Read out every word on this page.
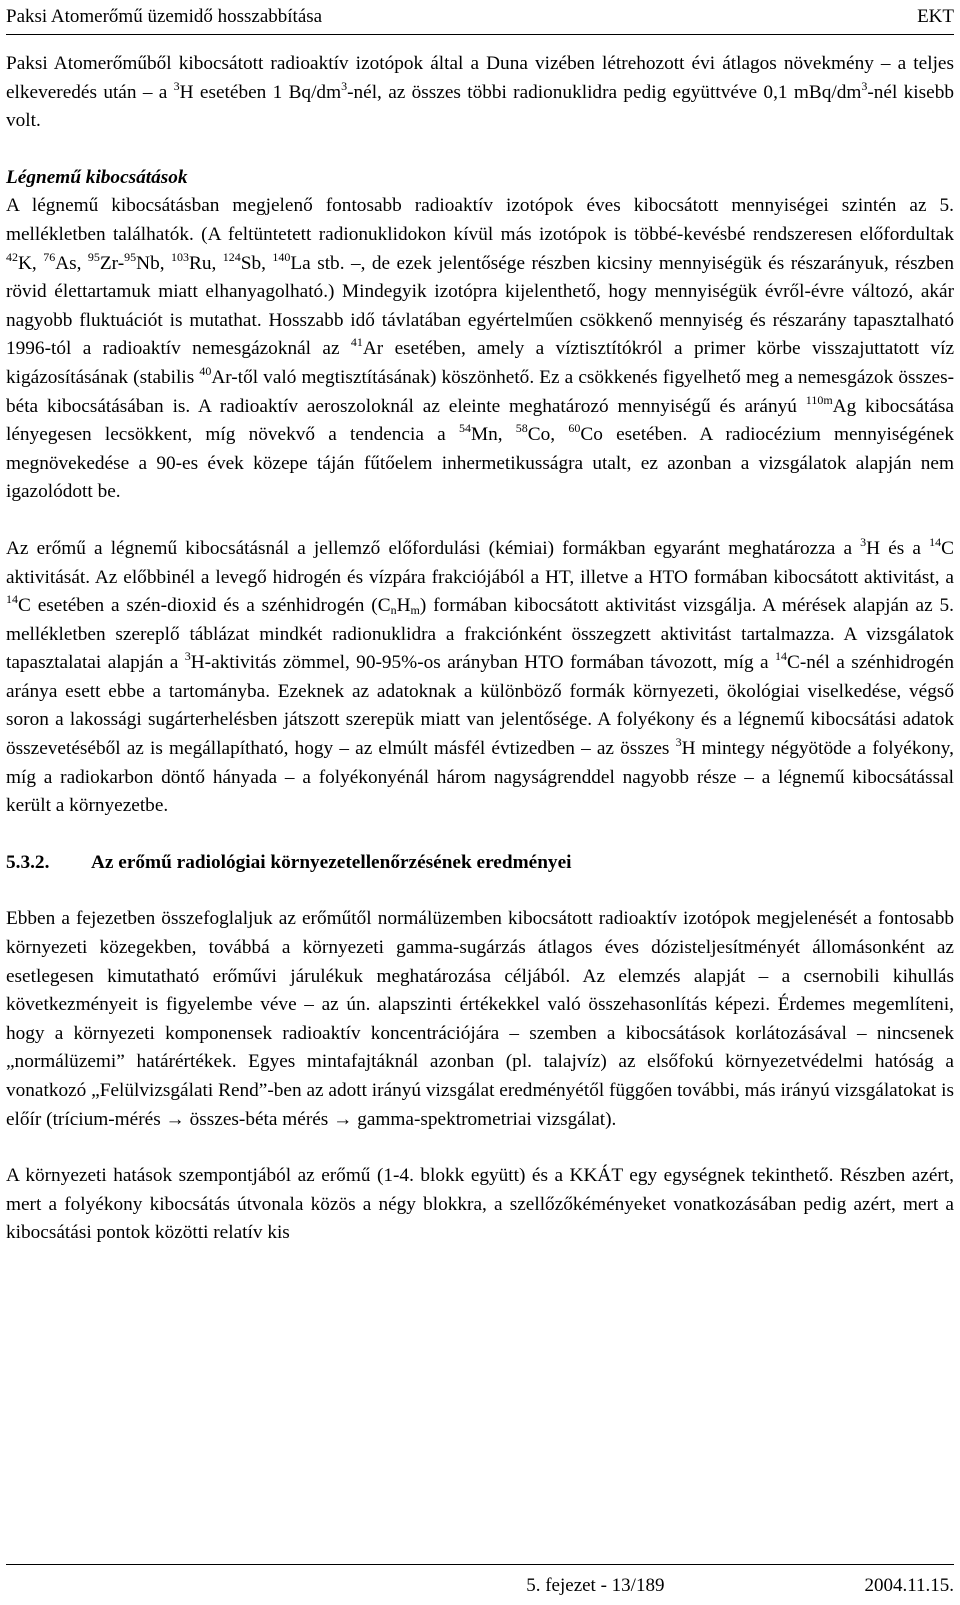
Paksi Atomerőmű üzemidő hosszabbítása	EKT

Paksi Atomerőműből kibocsátott radioaktív izotópok által a Duna vizében létrehozott évi átlagos növekmény – a teljes elkeveredés után – a $^3$H esetében 1 $Bq/dm^3$-nél, az összes többi radionuklidra pedig együttvéve 0,1 mBq/$dm^3$-nél kisebb volt.

Légnemű kibocsátások

A légnemű kibocsátásban megjelenő fontosabb radioaktív izotópok éves kibocsátott mennyiségei szintén az 5. mellékletben találhatók. (A feltüntetett radionuklidokon kívül más izotópok is többé-kevésbé rendszeresen előfordultak $^{42}$K, $^{76}$As, $^{95}$Zr-$^{95}$Nb, $^{103}$Ru, $^{124}$Sb, $^{140}$La stb. –, de ezek jelentősége részben kicsiny mennyiségük és részarányuk, részben rövid élettartamuk miatt elhanyagolható.) Mindegyik izotópra kijelenthető, hogy mennyiségük évről-évre változó, akár nagyobb fluktuációt is mutathat. Hosszabb idő távlatában egyértelműen csökkenő mennyiség és részarány tapasztalható 1996-tól a radioaktív nemesgázoknál az $^{41}$Ar esetében, amely a víztisztítókról a primer körbe visszajuttatott víz kigázosításának (stabilis $^{40}$Ar-től való megtisztításának) köszönhető. Ez a csökkenés figyelhető meg a nemesgázok összes-béta kibocsátásában is. A radioaktív aeroszoloknál az eleinte meghatározó mennyiségű és arányú $^{110m}$Ag kibocsátása lényegesen lecsökkent, míg növekvő a tendencia a $^{54}$Mn, $^{58}$Co, $^{60}$Co esetében. A radiocézium mennyiségének megnövekedése a 90-es évek közepe táján fűtőelem inhermetikusságra utalt, ez azonban a vizsgálatok alapján nem igazolódott be.

Az erőmű a légnemű kibocsátásnál a jellemző előfordulási (kémiai) formákban egyaránt meghatározza a $^3$H és a $^{14}$C aktivitását. Az előbbinél a levegő hidrogén és vízpára frakciójából a HT, illetve a HTO formában kibocsátott aktivitást, a $^{14}$C esetében a szén-dioxid és a szénhidrogén $(C_nH_m)$ formában kibocsátott aktivitást vizsgálja. A mérések alapján az 5. mellékletben szereplő táblázat mindkét radionuklidra a frakciónként összegzett aktivitást tartalmazza. A vizsgálatok tapasztalatai alapján a $^3$H-aktivitás zömmel, 90-95%-os arányban HTO formában távozott, míg a $^{14}$C-nél a szénhidrogén aránya esett ebbe a tartományba. Ezeknek az adatoknak a különböző formák környezeti, ökológiai viselkedése, végső soron a lakossági sugárterhelésben játszott szerepük miatt van jelentősége. A folyékony és a légnemű kibocsátási adatok összevetéséből az is megállapítható, hogy – az elmúlt másfél évtizedben – az összes $^3$H mintegy négyötöde a folyékony, míg a radiokarbon döntő hányada – a folyékonyénál három nagyságrenddel nagyobb része – a légnemű kibocsátással került a környezetbe.

5.3.2.	Az erőmű radiológiai környezetellenőrzésének eredményei

Ebben a fejezetben összefoglaljuk az erőműtől normálüzemben kibocsátott radioaktív izotópok megjelenését a fontosabb környezeti közegekben, továbbá a környezeti gamma-sugárzás átlagos éves dózisteljesítményét állomásonként az esetlegesen kimutatható erőművi járulékuk meghatározása céljából. Az elemzés alapját – a csernobili kihullás következményeit is figyelembe véve – az ún. alapszinti értékekkel való összehasonlítás képezi. Érdemes megemlíteni, hogy a környezeti komponensek radioaktív koncentrációjára – szemben a kibocsátások korlátozásával – nincsenek „normálüzemi” határértékek. Egyes mintafajtáknál azonban (pl. talajvíz) az elsőfokú környezetvédelmi hatóság a vonatkozó „Felülvizsgálati Rend”-ben az adott irányú vizsgálat eredményétől függően további, más irányú vizsgálatokat is előír (trícium-mérés → összes-béta mérés → gamma-spektrometriai vizsgálat).

A környezeti hatások szempontjából az erőmű (1-4. blokk együtt) és a KKÁT egy egységnek tekinthető. Részben azért, mert a folyékony kibocsátás útvonala közös a négy blokkra, a szellőzőkéményeket vonatkozásában pedig azért, mert a kibocsátási pontok közötti relatív kis

5. fejezet - 13/189	2004.11.15.
